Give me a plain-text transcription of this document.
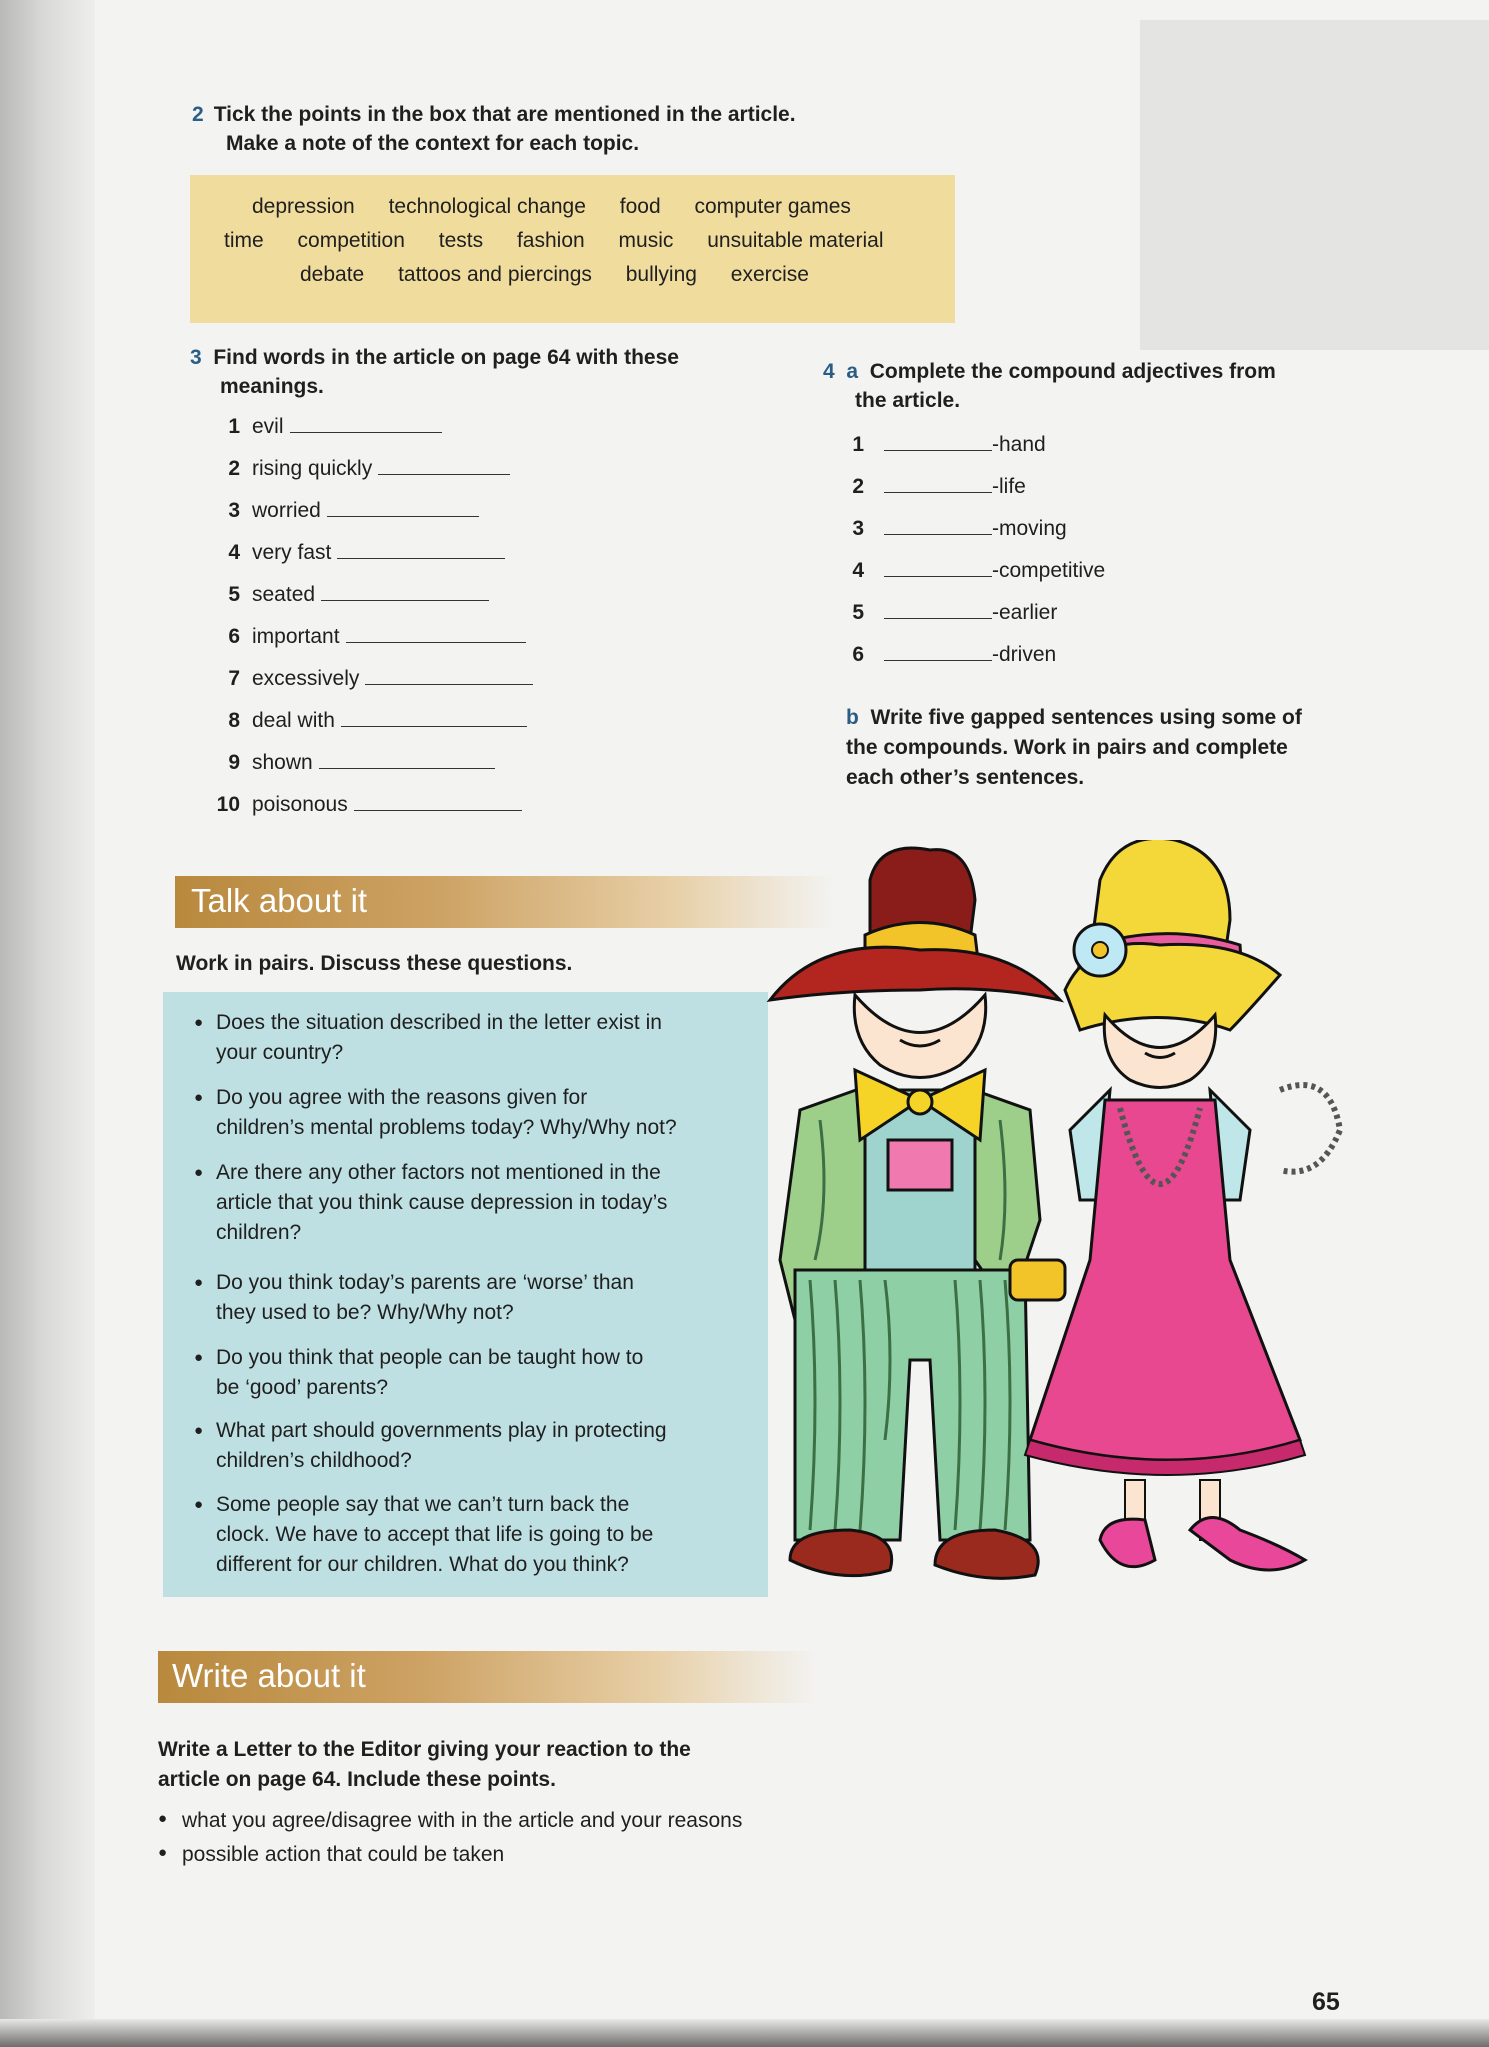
2 Tick the points in the box that are mentioned in the article.
Make a note of the context for each topic.
depression technological change food computer games
time competition tests fashion music unsuitable material
debate tattoos and piercings bullying exercise
3 Find words in the article on page 64 with these
meanings.
1 evil
2 rising quickly
3 worried
4 very fast
5 seated
6 important
7 excessively
8 deal with
9 shown
10 poisonous
4 a Complete the compound adjectives from
the article.
1	-hand
2	-life
3	-moving
4	-competitive
5	-earlier
6	-driven
b Write five gapped sentences using some of
the compounds. Work in pairs and complete
each other’s sentences.
Talk about it
Work in pairs. Discuss these questions.
● Does the situation described in the letter exist in
your country?
● Do you agree with the reasons given for
children’s mental problems today? Why/Why not?
● Are there any other factors not mentioned in the
article that you think cause depression in today’s
children?
● Do you think today’s parents are ‘worse’ than
they used to be? Why/Why not?
● Do you think that people can be taught how to
be ‘good’ parents?
● What part should governments play in protecting
children’s childhood?
● Some people say that we can’t turn back the
clock. We have to accept that life is going to be
different for our children. What do you think?
Write about it
Write a Letter to the Editor giving your reaction to the
article on page 64. Include these points.
● what you agree/disagree with in the article and your reasons
● possible action that could be taken
65
